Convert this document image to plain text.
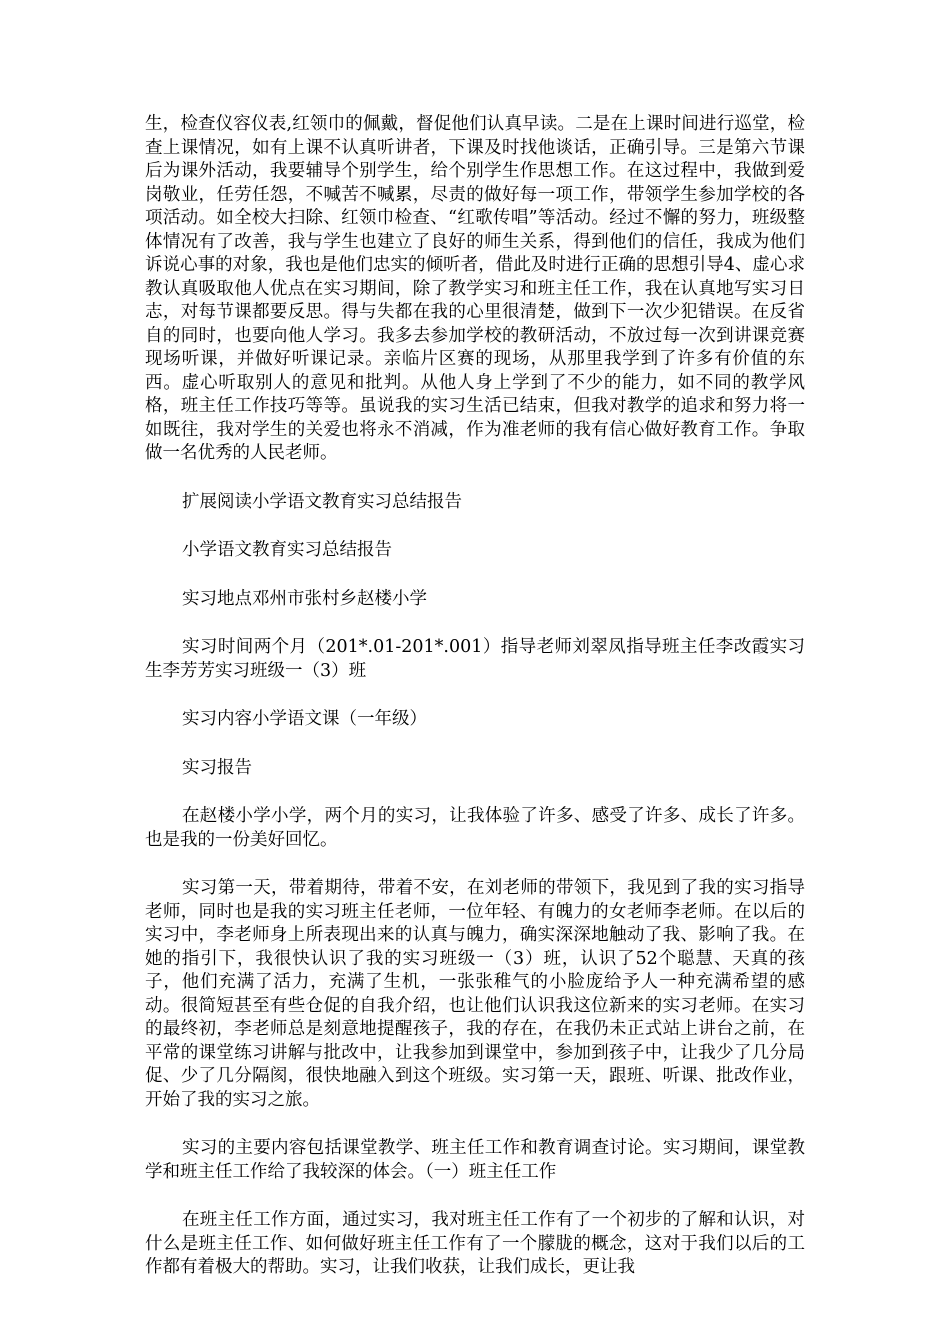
生，检查仪容仪表,红领巾的佩戴，督促他们认真早读。二是在上课时间进行巡堂，检查上课情况，如有上课不认真听讲者，下课及时找他谈话，正确引导。三是第六节课后为课外活动，我要辅导个别学生，给个别学生作思想工作。在这过程中，我做到爱岗敬业，任劳任怨，不喊苦不喊累，尽责的做好每一项工作，带领学生参加学校的各项活动。如全校大扫除、红领巾检查、“红歌传唱”等活动。经过不懈的努力，班级整体情况有了改善，我与学生也建立了良好的师生关系，得到他们的信任，我成为他们诉说心事的对象，我也是他们忠实的倾听者，借此及时进行正确的思想引导4、虚心求教认真吸取他人优点在实习期间，除了教学实习和班主任工作，我在认真地写实习日志，对每节课都要反思。得与失都在我的心里很清楚，做到下一次少犯错误。在反省自的同时，也要向他人学习。我多去参加学校的教研活动，不放过每一次到讲课竞赛现场听课，并做好听课记录。亲临片区赛的现场，从那里我学到了许多有价值的东西。虚心听取别人的意见和批判。从他人身上学到了不少的能力，如不同的教学风格，班主任工作技巧等等。虽说我的实习生活已结束，但我对教学的追求和努力将一如既往，我对学生的关爱也将永不消减，作为准老师的我有信心做好教育工作。争取做一名优秀的人民老师。

扩展阅读小学语文教育实习总结报告

小学语文教育实习总结报告

实习地点邓州市张村乡赵楼小学

实习时间两个月（201*.01-201*.001）指导老师刘翠凤指导班主任李改霞实习生李芳芳实习班级一（3）班

实习内容小学语文课（一年级）

实习报告

在赵楼小学小学，两个月的实习，让我体验了许多、感受了许多、成长了许多。也是我的一份美好回忆。

实习第一天，带着期待，带着不安，在刘老师的带领下，我见到了我的实习指导老师，同时也是我的实习班主任老师，一位年轻、有魄力的女老师李老师。在以后的实习中，李老师身上所表现出来的认真与魄力，确实深深地触动了我、影响了我。在她的指引下，我很快认识了我的实习班级一（3）班，认识了52个聪慧、天真的孩子，他们充满了活力，充满了生机，一张张稚气的小脸庞给予人一种充满希望的感动。很简短甚至有些仓促的自我介绍，也让他们认识我这位新来的实习老师。在实习的最终初，李老师总是刻意地提醒孩子，我的存在，在我仍未正式站上讲台之前，在平常的课堂练习讲解与批改中，让我参加到课堂中，参加到孩子中，让我少了几分局促、少了几分隔阂，很快地融入到这个班级。实习第一天，跟班、听课、批改作业，开始了我的实习之旅。

实习的主要内容包括课堂教学、班主任工作和教育调查讨论。实习期间，课堂教学和班主任工作给了我较深的体会。（一）班主任工作

在班主任工作方面，通过实习，我对班主任工作有了一个初步的了解和认识，对什么是班主任工作、如何做好班主任工作有了一个朦胧的概念，这对于我们以后的工作都有着极大的帮助。实习，让我们收获，让我们成长，更让我
